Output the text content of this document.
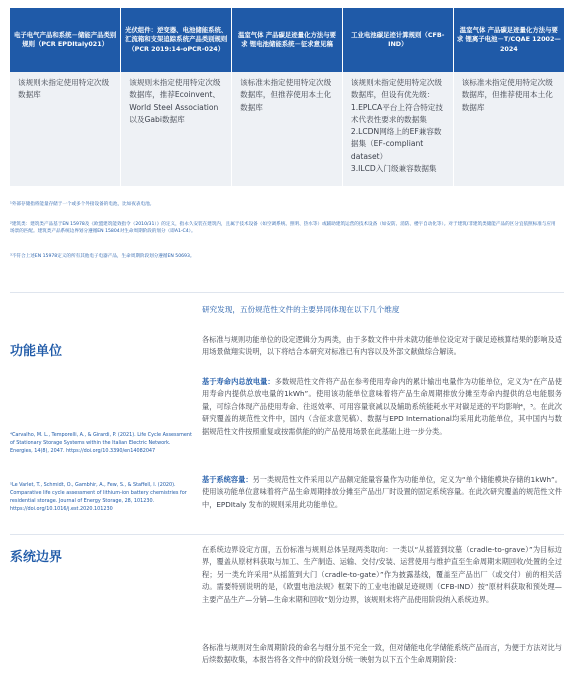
电子电气产品和系统－储能产品类别规则（PCR EPDItaly021）	光伏组件：逆变器、电池储能系统、汇流箱和支架追踪系统产品类别规则（PCR 2019:14-oPCR-024）	温室气体 产品碳足迹量化方法与要求 锂电池储能系统－征求意见稿	工业电池碳足迹计算规则（CFB-IND）	温室气体 产品碳足迹量化方法与要求 锂离子电池－T/CQAE 12002—2024

该规则未指定使用特定次级数据库	该规则未指定使用特定次级数据库，推荐Ecoinvent、World Steel Association以及Gabi数据库	该标准未指定使用特定次级数据库，但推荐使用本土化数据库	该规则未指定使用特定次级数据库，但设有优先级：
1.EPLCA平台上符合特定技术代表性要求的数据集
2.LCDN网络上的EF兼容数据集（EF-compliant dataset）
3.ILCD入门级兼容数据集	该标准未指定使用特定次级数据库，但推荐使用本土化数据库
¹外部存储指将能量存储于一个或多个外接设备的电池，比如夜表电池。
²建筑类：建筑类产品基于EN 15978及《欧盟建筑能效指令（2010/31）》的定义，指永久安装在建筑内，且属于技术设备（如空调系统、照明、热水等）或辅助建筑运营的技术设备（如安防、消防、楼宇自动化等）。对于建筑/非建筑类储能产品的区分宜依照标准与应用场景的匹配。建筑类产品系统边界划分遵循EN 15804对生命周期阶段的划分（即A1-C4）。
³不符合上述EN 15978定义的所有其他电子电器产品，生命周期阶段划分遵循EN 50693。
研究发现，五份规范性文件的主要异同体现在以下几个维度
功能单位

各标准与规则功能单位的设定逻辑分为两类，由于多数文件中并未就功能单位设定对于碳足迹核算结果的影响及适用场景做翔实说明，以下将结合本研究对标准已有内容以及外部文献做综合解读。

基于寿命内总放电量：多数规范性文件将产品在参考使用寿命内的累计输出电量作为功能单位，定义为“在产品使用寿命内提供总放电量的1kWh”。使用该功能单位意味着将产品生命周期排放分摊至寿命内提供的总电能服务量，可综合体现产品使用寿命、往返效率、可用容量衰减以及辅助系统能耗水平对碳足迹的平均影响⁴，⁵。在此次研究覆盖的规范性文件中，国内（含征求意见稿）、数据与EPD International均采用此功能单位，其中国内与数据规范性文件按照重复或按需供能的的产品使用场景在此基础上进一步分类。

基于系统容量：另一类规范性文件采用以产品额定能量容量作为功能单位，定义为“单个储能模块存储的1kWh”。使用该功能单位意味着将产品生命周期排放分摊至产品出厂时设置的固定系统容量。在此次研究覆盖的规范性文件中，EPDItaly 发布的规则采用此功能单位。

⁴Carvalho, M. L., Temporelli, A., & Girardi, P. (2021). Life Cycle Assessment of Stationary Storage Systems within the Italian Electric Network. Energies, 14(8), 2047. https://doi.org/10.3390/en14082047

⁵Le Varlet, T., Schmidt, O., Gambhir, A., Few, S., & Staffell, I. (2020). Comparative life cycle assessment of lithium-ion battery chemistries for residential storage. Journal of Energy Storage, 28, 101230. https://doi.org/10.1016/j.est.2020.101230

系统边界

在系统边界设定方面，五份标准与规则总体呈现两类取向：一类以“从摇篮到坟墓（cradle-to-grave）”为目标边界，覆盖从原材料获取与加工、生产制造、运输、交付/安装、运营使用与维护直至生命周期末期回收/处置的全过程；另一类允许采用“从摇篮到大门（cradle-to-gate）”作为披露基线，覆盖至产品出厂（或交付）前的相关活动。需要特别说明的是，《欧盟电池法规》框架下的工业电池碳足迹规则（CFB-IND）按“原材料获取和预处理—主要产品生产—分销—生命末期和回收”划分边界，该规则未将产品使用阶段纳入系统边界。

各标准与规则对生命周期阶段的命名与细分虽不完全一致，但对储能电化学储能系统产品而言，为便于方法对比与后续数据收集，本报告将各文件中的阶段划分统一映射为以下五个生命周期阶段：
